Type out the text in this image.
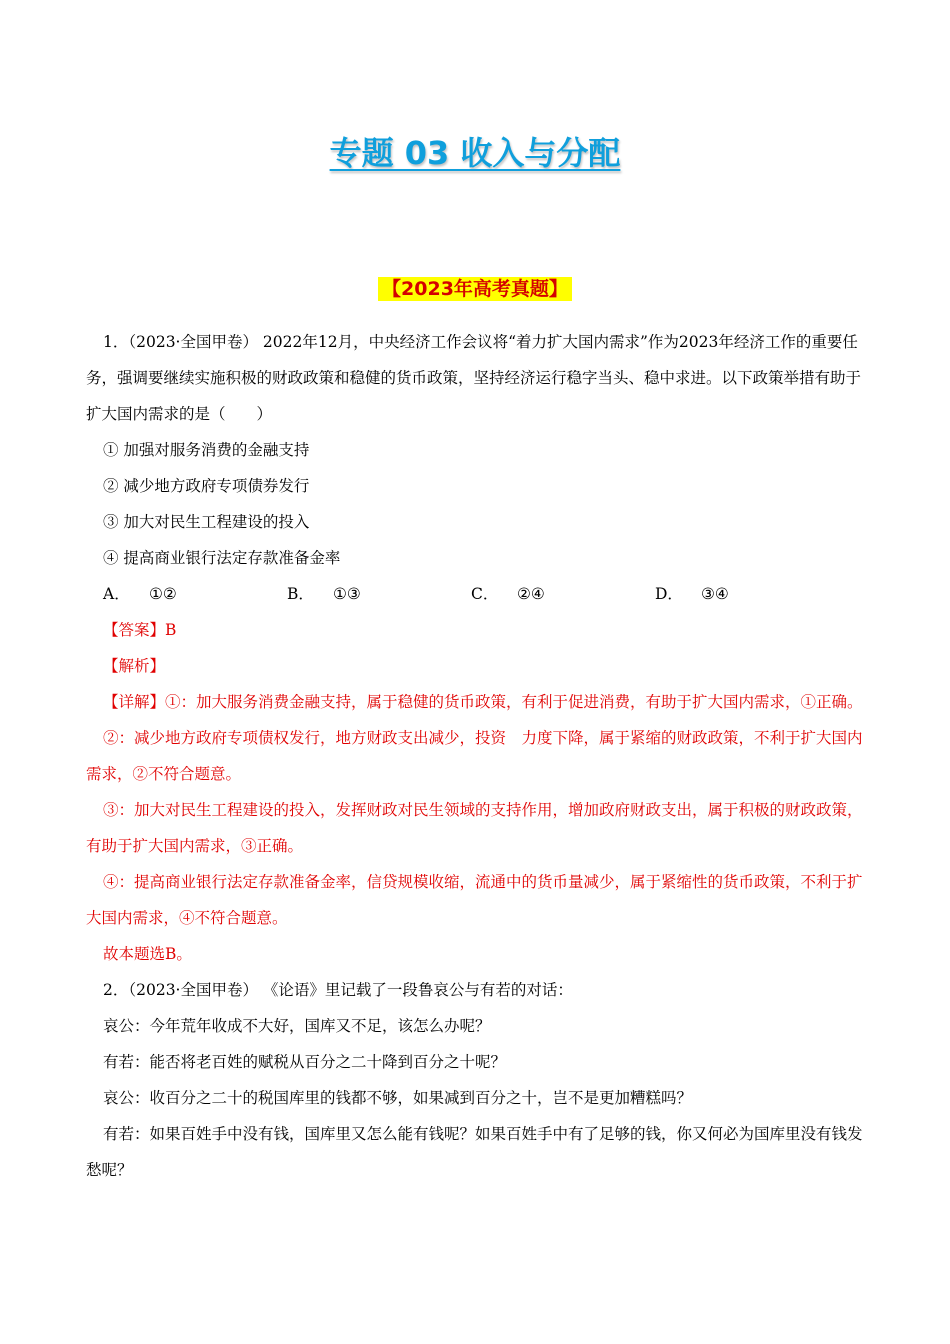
专题 03 收入与分配
【2023年高考真题】

1．（2023·全国甲卷） 2022年12月，中央经济工作会议将“着力扩大国内需求”作为2023年经济工作的重要任务，强调要继续实施积极的财政政策和稳健的货币政策，坚持经济运行稳字当头、稳中求进。以下政策举措有助于扩大国内需求的是（　　）

① 加强对服务消费的金融支持

② 减少地方政府专项债券发行

③ 加大对民生工程建设的投入

④ 提高商业银行法定存款准备金率

A． ①②	B． ①③	C． ②④	D． ③④

【答案】B

【解析】

【详解】①：加大服务消费金融支持，属于稳健的货币政策，有利于促进消费，有助于扩大国内需求，①正确。

②：减少地方政府专项债权发行，地方财政支出减少，投资　力度下降，属于紧缩的财政政策，不利于扩大国内需求，②不符合题意。

③：加大对民生工程建设的投入，发挥财政对民生领域的支持作用，增加政府财政支出，属于积极的财政政策，有助于扩大国内需求，③正确。

④：提高商业银行法定存款准备金率，信贷规模收缩，流通中的货币量减少，属于紧缩性的货币政策，不利于扩大国内需求，④不符合题意。

故本题选B。

2．（2023·全国甲卷） 《论语》里记载了一段鲁哀公与有若的对话：

哀公：今年荒年收成不大好，国库又不足，该怎么办呢？

有若：能否将老百姓的赋税从百分之二十降到百分之十呢？

哀公：收百分之二十的税国库里的钱都不够，如果减到百分之十，岂不是更加糟糕吗？

有若：如果百姓手中没有钱，国库里又怎么能有钱呢？如果百姓手中有了足够的钱，你又何必为国库里没有钱发愁呢？
